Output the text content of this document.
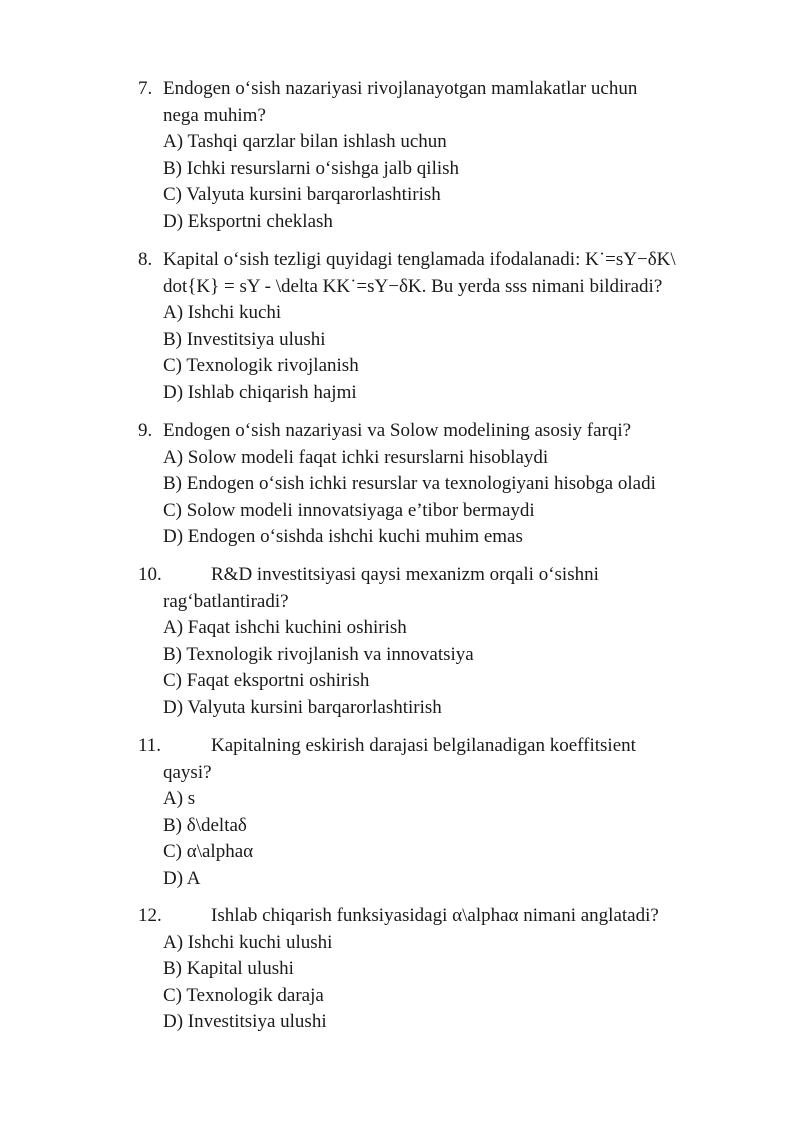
7. Endogen o‘sish nazariyasi rivojlanayotgan mamlakatlar uchun
nega muhim?
A) Tashqi qarzlar bilan ishlash uchun
B) Ichki resurslarni o‘sishga jalb qilish
C) Valyuta kursini barqarorlashtirish
D) Eksportni cheklash
8. Kapital o‘sish tezligi quyidagi tenglamada ifodalanadi: K˙=sY−δK\
dot{K} = sY - \delta KK˙=sY−δK. Bu yerda sss nimani bildiradi?
A) Ishchi kuchi
B) Investitsiya ulushi
C) Texnologik rivojlanish
D) Ishlab chiqarish hajmi
9. Endogen o‘sish nazariyasi va Solow modelining asosiy farqi?
A) Solow modeli faqat ichki resurslarni hisoblaydi
B) Endogen o‘sish ichki resurslar va texnologiyani hisobga oladi
C) Solow modeli innovatsiyaga e’tibor bermaydi
D) Endogen o‘sishda ishchi kuchi muhim emas
10.	R&D investitsiyasi qaysi mexanizm orqali o‘sishni
rag‘batlantiradi?
A) Faqat ishchi kuchini oshirish
B) Texnologik rivojlanish va innovatsiya
C) Faqat eksportni oshirish
D) Valyuta kursini barqarorlashtirish
11.	Kapitalning eskirish darajasi belgilanadigan koeffitsient
qaysi?
A) s
B) δ\deltaδ
C) α\alphaα
D) A
12.	Ishlab chiqarish funksiyasidagi α\alphaα nimani anglatadi?
A) Ishchi kuchi ulushi
B) Kapital ulushi
C) Texnologik daraja
D) Investitsiya ulushi
